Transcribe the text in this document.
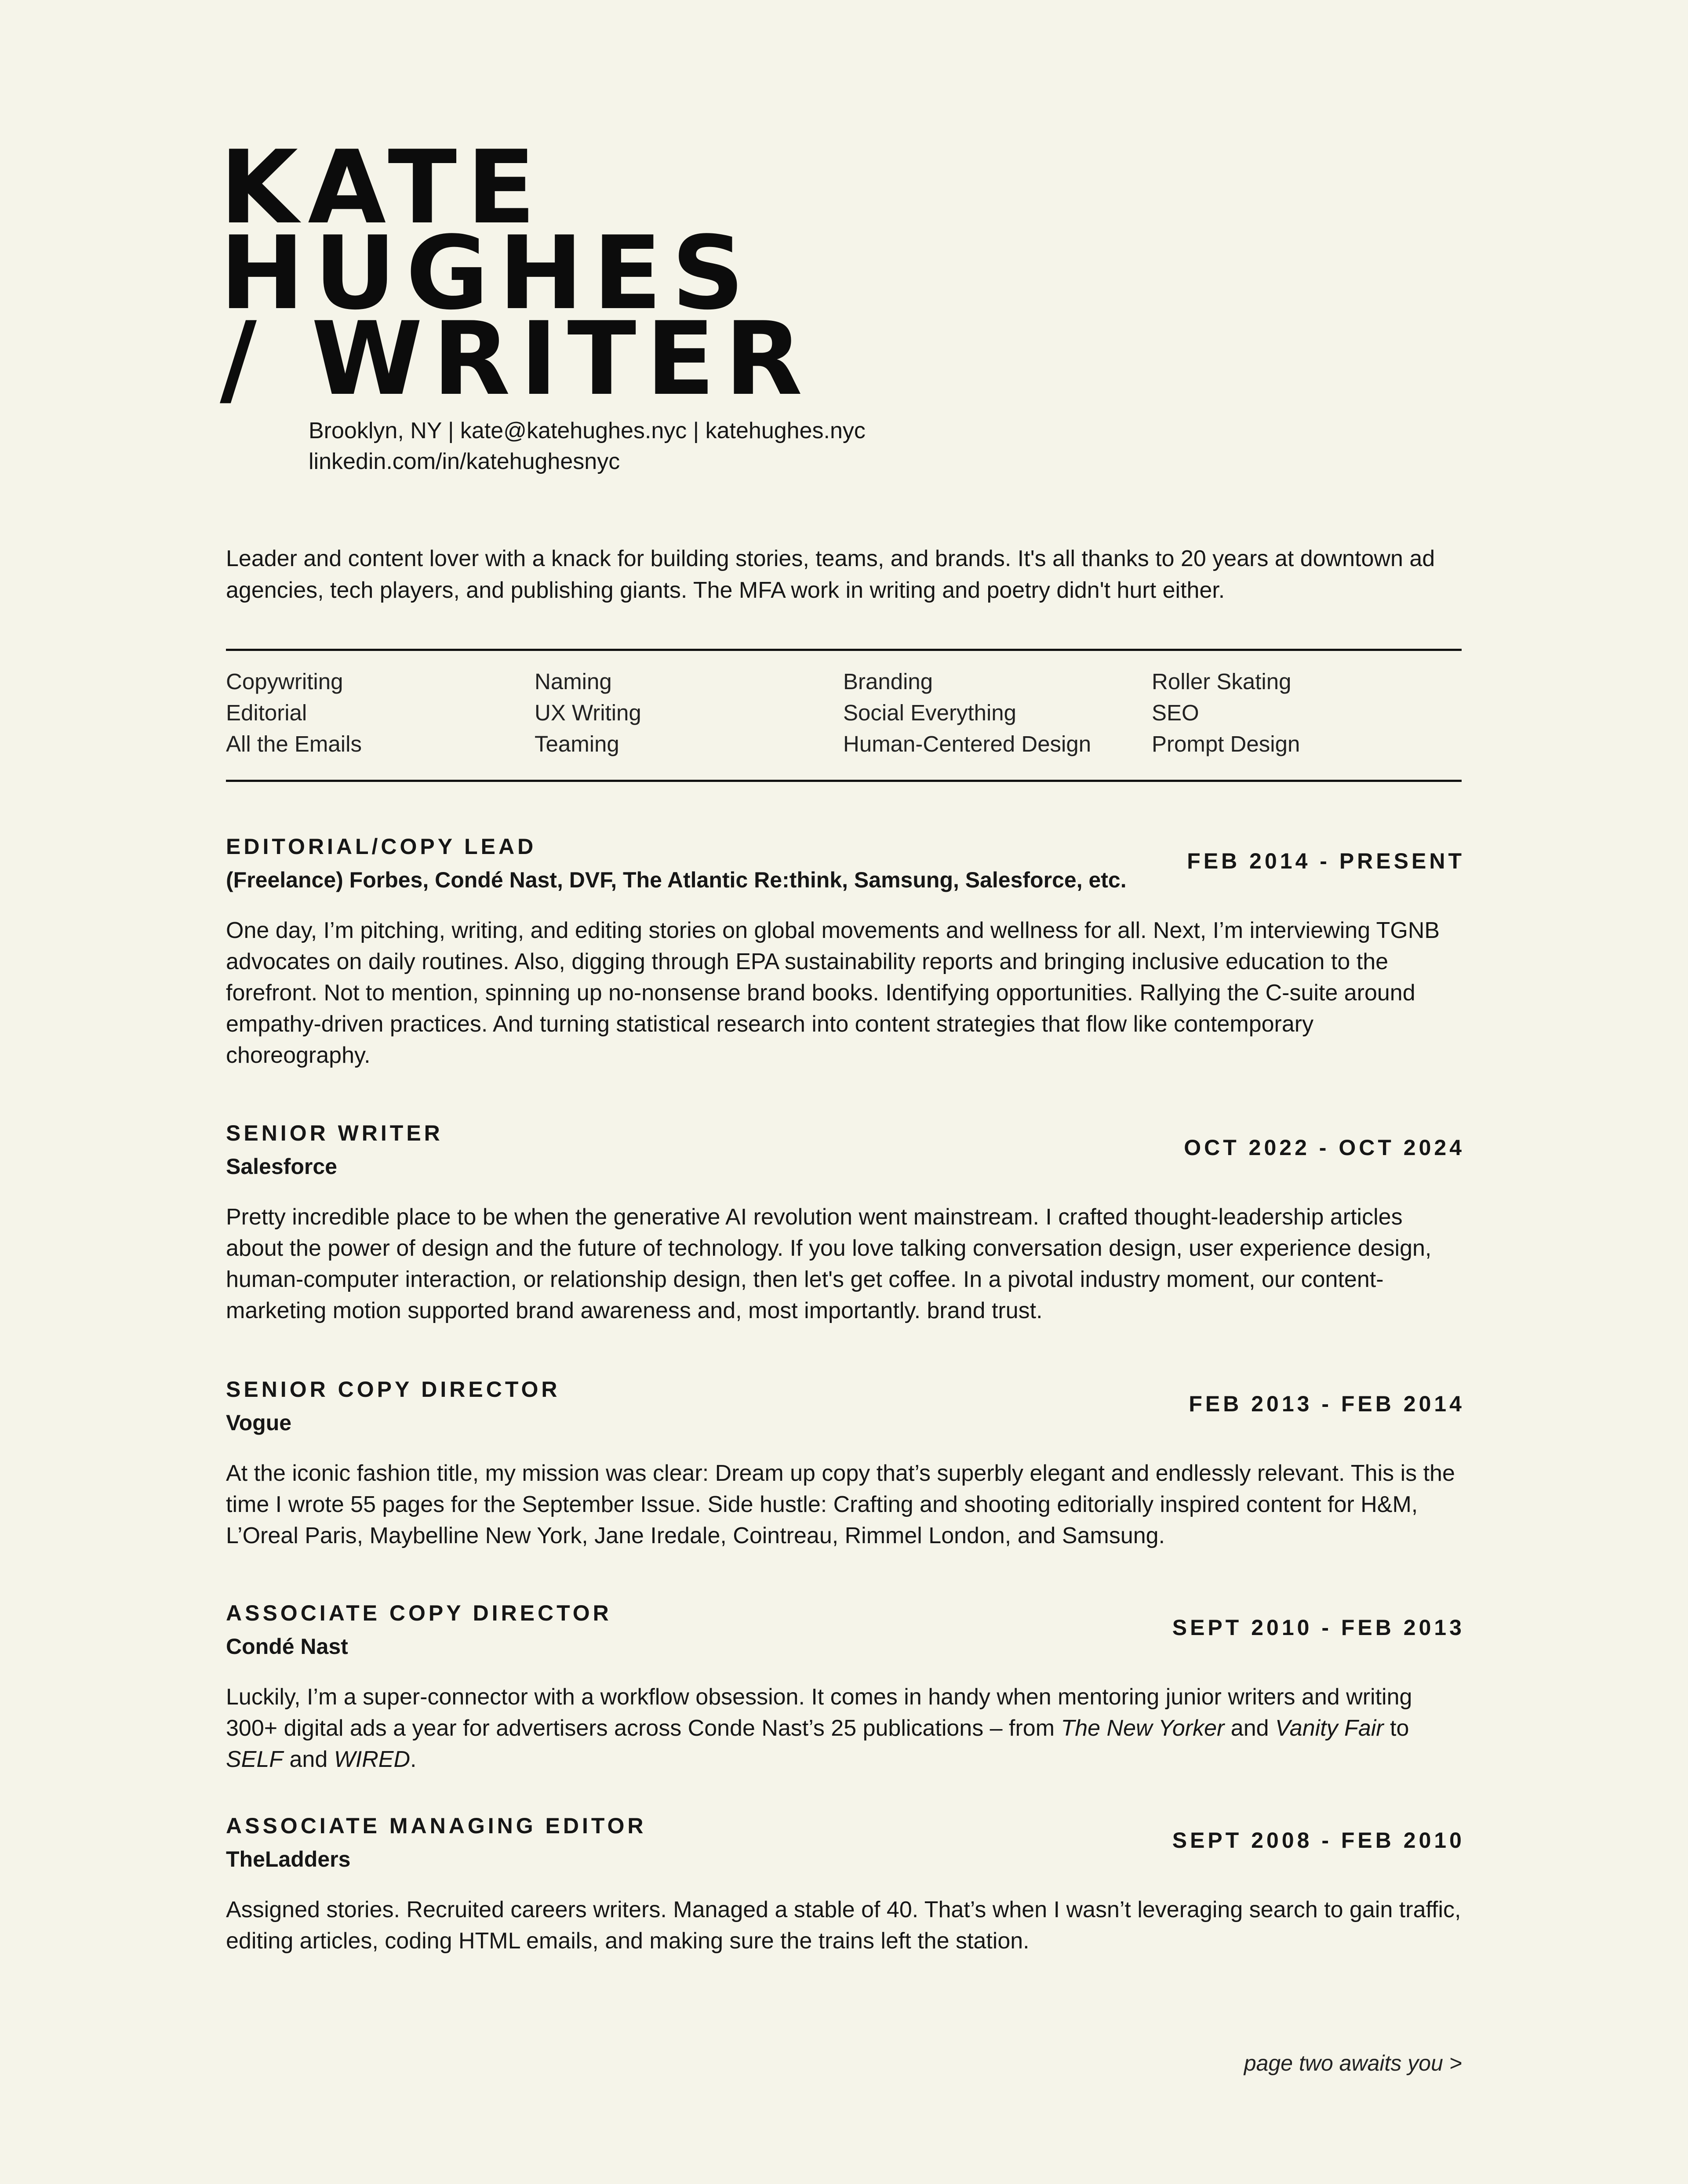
KATE
HUGHES
/ WRITER
Brooklyn, NY | kate@katehughes.nyc | katehughes.nyc
linkedin.com/in/katehughesnyc

Leader and content lover with a knack for building stories, teams, and brands. It's all thanks to 20 years at downtown ad agencies, tech players, and publishing giants. The MFA work in writing and poetry didn't hurt either.

Copywriting
Editorial
All the Emails
Naming
UX Writing
Teaming
Branding
Social Everything
Human-Centered Design
Roller Skating
SEO
Prompt Design
EDITORIAL/COPY LEAD
(Freelance) Forbes, Condé Nast, DVF, The Atlantic Re:think, Samsung, Salesforce, etc.
FEB 2014 - PRESENT

One day, I’m pitching, writing, and editing stories on global movements and wellness for all. Next, I’m interviewing TGNB advocates on daily routines. Also, digging through EPA sustainability reports and bringing inclusive education to the forefront. Not to mention, spinning up no-nonsense brand books. Identifying opportunities. Rallying the C-suite around empathy-driven practices. And turning statistical research into content strategies that flow like contemporary choreography.

SENIOR WRITER
Salesforce
OCT 2022 - OCT 2024

Pretty incredible place to be when the generative AI revolution went mainstream. I crafted thought-leadership articles about the power of design and the future of technology. If you love talking conversation design, user experience design, human-computer interaction, or relationship design, then let's get coffee. In a pivotal industry moment, our content-marketing motion supported brand awareness and, most importantly. brand trust.

SENIOR COPY DIRECTOR
Vogue
FEB 2013 - FEB 2014

At the iconic fashion title, my mission was clear: Dream up copy that’s superbly elegant and endlessly relevant. This is the time I wrote 55 pages for the September Issue. Side hustle: Crafting and shooting editorially inspired content for H&M, L’Oreal Paris, Maybelline New York, Jane Iredale, Cointreau, Rimmel London, and Samsung.

ASSOCIATE COPY DIRECTOR
Condé Nast
SEPT 2010 - FEB 2013

Luckily, I’m a super-connector with a workflow obsession. It comes in handy when mentoring junior writers and writing 300+ digital ads a year for advertisers across Conde Nast’s 25 publications – from The New Yorker and Vanity Fair to SELF and WIRED.

ASSOCIATE MANAGING EDITOR
TheLadders
SEPT 2008 - FEB 2010

Assigned stories. Recruited careers writers. Managed a stable of 40. That’s when I wasn’t leveraging search to gain traffic, editing articles, coding HTML emails, and making sure the trains left the station.

page two awaits you >
